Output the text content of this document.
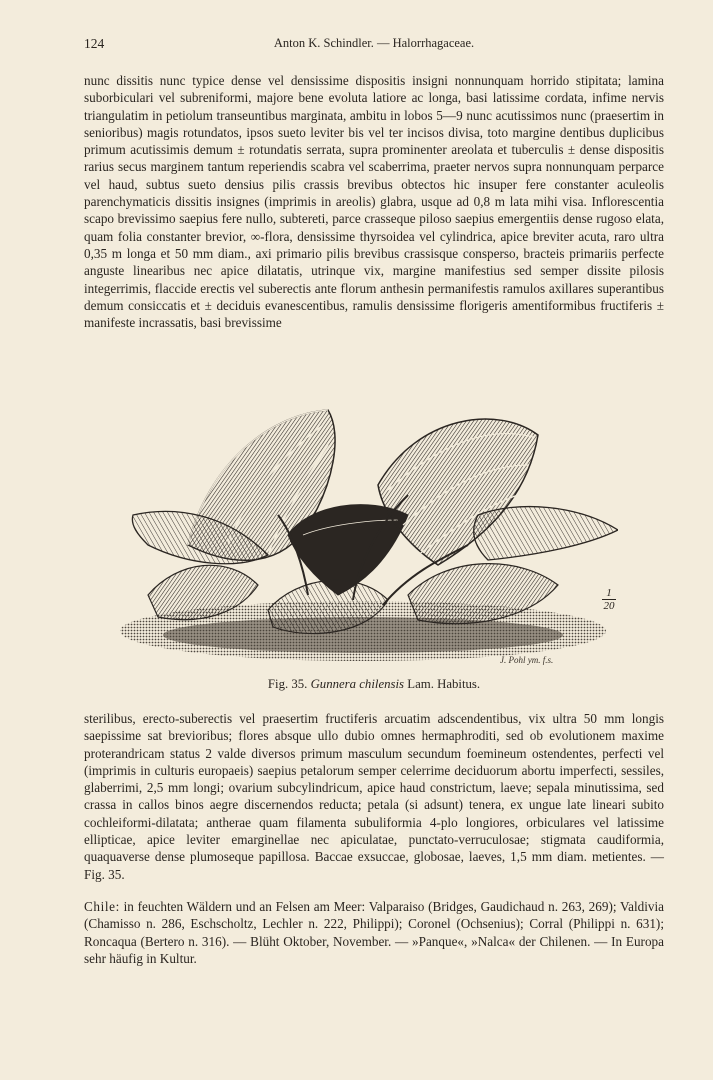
124	Anton K. Schindler. — Halorrhagaceae.
nunc dissitis nunc typice dense vel densissime dispositis insigni nonnunquam horrido stipitata; lamina suborbiculari vel subreniformi, majore bene evoluta latiore ac longa, basi latissime cordata, infime nervis triangulatim in petiolum transeuntibus marginata, ambitu in lobos 5—9 nunc acutissimos nunc (praesertim in senioribus) magis rotundatos, ipsos sueto leviter bis vel ter incisos divisa, toto margine dentibus duplicibus primum acutissimis demum ± rotundatis serrata, supra prominenter areolata et tuberculis ± dense dispositis rarius secus marginem tantum reperiendis scabra vel scaberrima, praeter nervos supra nonnunquam perparce vel haud, subtus sueto densius pilis crassis brevibus obtectos hic insuper fere constanter aculeolis parenchymaticis dissitis insignes (imprimis in areolis) glabra, usque ad 0,8 m lata mihi visa. Inflorescentia scapo brevissimo saepius fere nullo, subtereti, parce crasseque piloso saepius emergentiis dense rugoso elata, quam folia constanter brevior, ∞-flora, densissime thyrsoidea vel cylindrica, apice breviter acuta, raro ultra 0,35 m longa et 50 mm diam., axi primario pilis brevibus crassisque consperso, bracteis primariis perfecte anguste linearibus nec apice dilatatis, utrinque vix, margine manifestius sed semper dissite pilosis integerrimis, flaccide erectis vel suberectis ante florum anthesin permanifestis ramulos axillares superantibus demum consiccatis et ± deciduis evanescentibus, ramulis densissime florigeris amentiformibus fructiferis ± manifeste incrassatis, basi brevissime
1
20
J. Pohl ym. f.s.
Fig. 35. Gunnera chilensis Lam. Habitus.
sterilibus, erecto-suberectis vel praesertim fructiferis arcuatim adscendentibus, vix ultra 50 mm longis saepissime sat brevioribus; flores absque ullo dubio omnes hermaphroditi, sed ob evolutionem maxime proterandricam status 2 valde diversos primum masculum secundum foemineum ostendentes, perfecti vel (imprimis in culturis europaeis) saepius petalorum semper celerrime deciduorum abortu imperfecti, sessiles, glaberrimi, 2,5 mm longi; ovarium subcylindricum, apice haud constrictum, laeve; sepala minutissima, sed crassa in callos binos aegre discernendos reducta; petala (si adsunt) tenera, ex ungue late lineari subito cochleiformi-dilatata; antherae quam filamenta subuliformia 4-plo longiores, orbiculares vel latissime ellipticae, apice leviter emarginellae nec apiculatae, punctato-verruculosae; stigmata caudiformia, quaquaverse dense plumoseque papillosa. Baccae exsuccae, globosae, laeves, 1,5 mm diam. metientes. — Fig. 35.
Chile: in feuchten Wäldern und an Felsen am Meer: Valparaiso (Bridges, Gaudichaud n. 263, 269); Valdivia (Chamisso n. 286, Eschscholtz, Lechler n. 222, Philippi); Coronel (Ochsenius); Corral (Philippi n. 631); Roncaqua (Bertero n. 316). — Blüht Oktober, November. — »Panque«, »Nalca« der Chilenen. — In Europa sehr häufig in Kultur.
